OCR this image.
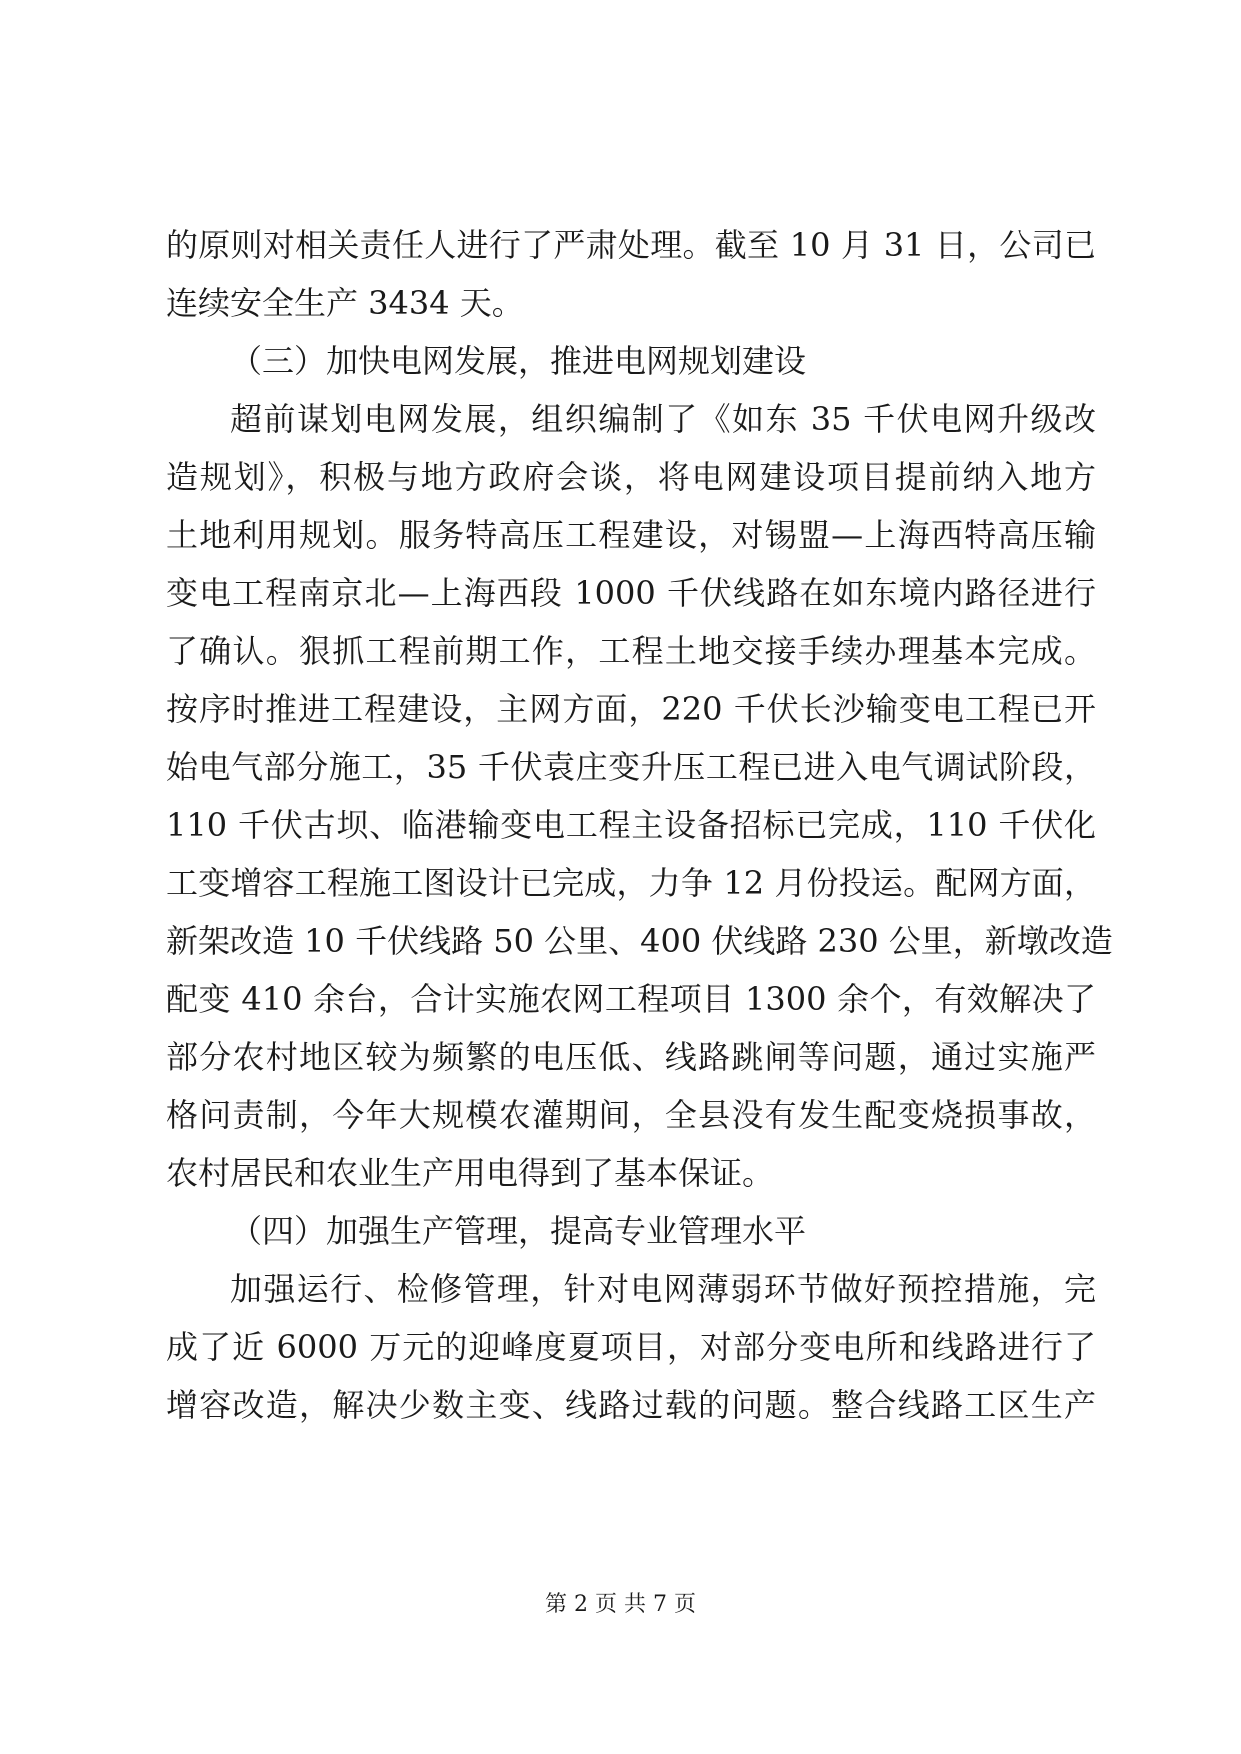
的原则对相关责任人进行了严肃处理。截至 10 月 31 日，公司已
连续安全生产 3434 天。
（三）加快电网发展，推进电网规划建设
超前谋划电网发展，组织编制了《如东 35 千伏电网升级改
造规划》，积极与地方政府会谈，将电网建设项目提前纳入地方
土地利用规划。服务特高压工程建设，对锡盟—上海西特高压输
变电工程南京北—上海西段 1000 千伏线路在如东境内路径进行
了确认。狠抓工程前期工作，工程土地交接手续办理基本完成。
按序时推进工程建设，主网方面，220 千伏长沙输变电工程已开
始电气部分施工，35 千伏袁庄变升压工程已进入电气调试阶段，
110 千伏古坝、临港输变电工程主设备招标已完成，110 千伏化
工变增容工程施工图设计已完成，力争 12 月份投运。配网方面，
新架改造 10 千伏线路 50 公里、400 伏线路 230 公里，新墩改造
配变 410 余台，合计实施农网工程项目 1300 余个，有效解决了
部分农村地区较为频繁的电压低、线路跳闸等问题，通过实施严
格问责制，今年大规模农灌期间，全县没有发生配变烧损事故，
农村居民和农业生产用电得到了基本保证。
（四）加强生产管理，提高专业管理水平
加强运行、检修管理，针对电网薄弱环节做好预控措施，完
成了近 6000 万元的迎峰度夏项目，对部分变电所和线路进行了
增容改造，解决少数主变、线路过载的问题。整合线路工区生产
第 2 页 共 7 页
